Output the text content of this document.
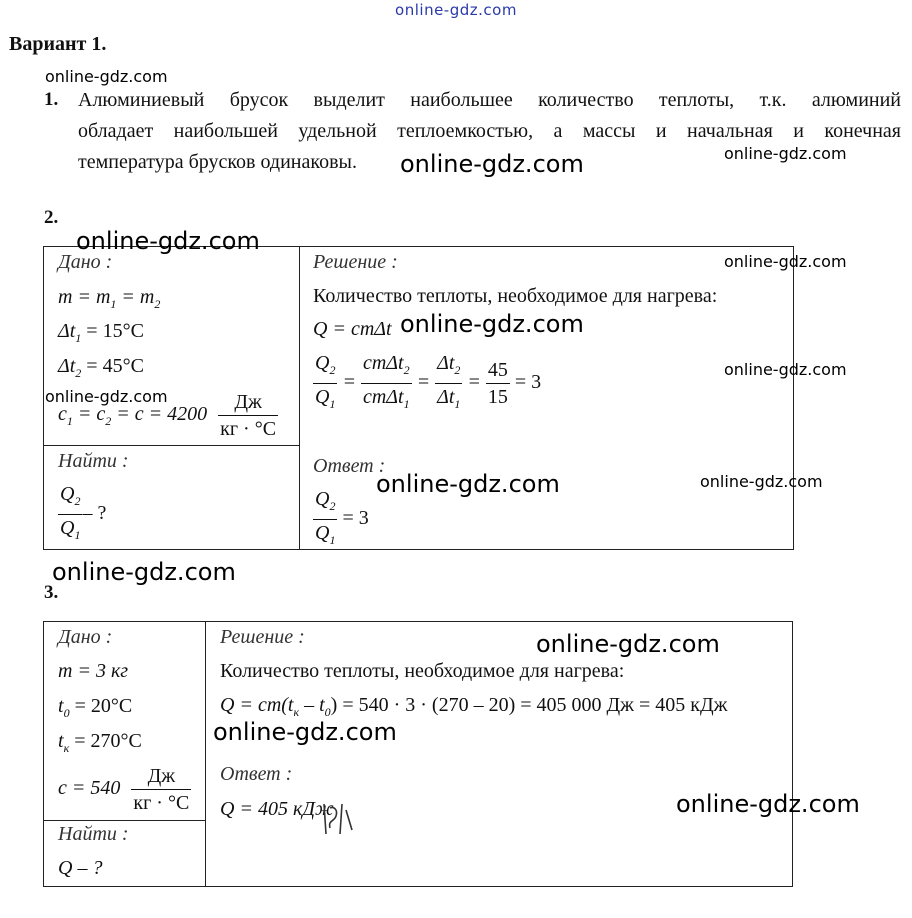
online-gdz.com
Вариант 1.
1. Алюминиевый брусок выделит наибольшее количество теплоты, т.к. алюминий
обладает наибольшей удельной теплоемкостью, а массы и начальная и конечная
температура брусков одинаковы.
2.
Дано :
$m = m_1 = m_2$
$\Delta t_1 = 15^\circ C$
$\Delta t_2 = 45^\circ C$
$c_1 = c_2 = c = 4200 \frac{Дж}{кг \cdot ^\circ C}$
Найти :
$\frac{Q_2}{Q_1}$ – ?
Решение :
Количество теплоты, необходимое для нагрева:
Q = cmΔt
$\frac{Q_2}{Q_1} = \frac{cm\Delta t_2}{cm\Delta t_1} = \frac{\Delta t_2}{\Delta t_1} = \frac{45}{15} = 3$
Ответ :
$\frac{Q_2}{Q_1} = 3$
3.
Дано :
m = 3 кг
$t_0 = 20^\circ C$
$t_к = 270^\circ C$
$c = 540 \frac{Дж}{кг \cdot ^\circ C}$
Найти :
Q – ?
Решение :
Количество теплоты, необходимое для нагрева:
$Q = cm(t_к - t_0) = 540 \cdot 3 \cdot (270 - 20) = 405$ 000 Дж = 405 кДж
Ответ :
Q = 405 кДж
online-gdz.com
online-gdz.com	online-gdz.com
online-gdz.com
online-gdz.com
online-gdz.com
online-gdz.com
online-gdz.com
online-gdz.com	online-gdz.com
online-gdz.com
online-gdz.com
online-gdz.com
online-gdz.com
